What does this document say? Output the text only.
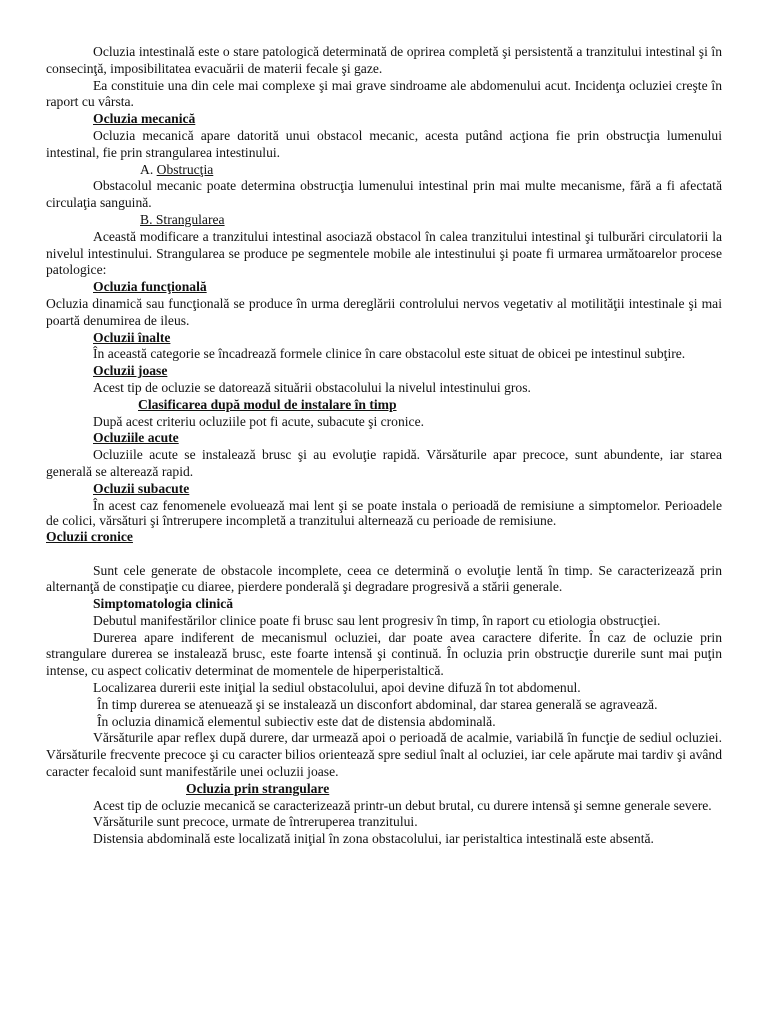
Ocluzia intestinală este o stare patologică determinată de oprirea completă şi persistentă a tranzitului intestinal şi în consecinţă, imposibilitatea evacuării de materii fecale şi gaze.

Ea constituie una din cele mai complexe şi mai grave sindroame ale abdomenului acut. Incidenţa ocluziei creşte în raport cu vârsta.

Ocluzia mecanică

Ocluzia mecanică apare datorită unui obstacol mecanic, acesta putând acţiona fie prin obstrucţia lumenului intestinal, fie prin strangularea intestinului.

A. Obstrucţia

Obstacolul mecanic poate determina obstrucţia lumenului intestinal prin mai multe mecanisme, fără a fi afectată circulaţia sanguină.

B. Strangularea

Această modificare a tranzitului intestinal asociază obstacol în calea tranzitului intestinal şi tulburări circulatorii la nivelul intestinului. Strangularea se produce pe segmentele mobile ale intestinului şi poate fi urmarea următoarelor procese patologice:

Ocluzia funcţională

Ocluzia dinamică sau funcţională se produce în urma dereglării controlului nervos vegetativ al motilităţii intestinale şi mai poartă denumirea de ileus.

Ocluzii înalte

În această categorie se încadrează formele clinice în care obstacolul este situat de obicei pe intestinul subţire.

Ocluzii joase

Acest tip de ocluzie se datorează situării obstacolului la nivelul intestinului gros.

Clasificarea după modul de instalare în timp

După acest criteriu ocluziile pot fi acute, subacute şi cronice.

Ocluziile acute

Ocluziile acute se instalează brusc şi au evoluţie rapidă. Vărsăturile apar precoce, sunt abundente, iar starea generală se alterează rapid.

Ocluzii subacute

În acest caz fenomenele evoluează mai lent şi se poate instala o perioadă de remisiune a simptomelor. Perioadele de colici, vărsături şi întrerupere incompletă a tranzitului alternează cu perioade de remisiune.

Ocluzii cronice

Sunt cele generate de obstacole incomplete, ceea ce determină o evoluţie lentă în timp. Se caracterizează prin alternanţă de constipaţie cu diaree, pierdere ponderală şi degradare progresivă a stării generale.

Simptomatologia clinică

Debutul manifestărilor clinice poate fi brusc sau lent progresiv în timp, în raport cu etiologia obstrucţiei.

Durerea apare indiferent de mecanismul ocluziei, dar poate avea caractere diferite. În caz de ocluzie prin strangulare durerea se instalează brusc, este foarte intensă şi continuă. În ocluzia prin obstrucţie durerile sunt mai puţin intense, cu aspect colicativ determinat de momentele de hiperperistaltică.

Localizarea durerii este iniţial la sediul obstacolului, apoi devine difuză în tot abdomenul.

În timp durerea se atenuează şi se instalează un disconfort abdominal, dar starea generală se agravează.

În ocluzia dinamică elementul subiectiv este dat de distensia abdominală.

Vărsăturile apar reflex după durere, dar urmează apoi o perioadă de acalmie, variabilă în funcţie de sediul ocluziei. Vărsăturile frecvente precoce şi cu caracter bilios orientează spre sediul înalt al ocluziei, iar cele apărute mai tardiv şi având caracter fecaloid sunt manifestările unei ocluzii joase.

Ocluzia prin strangulare

Acest tip de ocluzie mecanică se caracterizează printr-un debut brutal, cu durere intensă şi semne generale severe.

Vărsăturile sunt precoce, urmate de întreruperea tranzitului.

Distensia abdominală este localizată iniţial în zona obstacolului, iar peristaltica intestinală este absentă.
